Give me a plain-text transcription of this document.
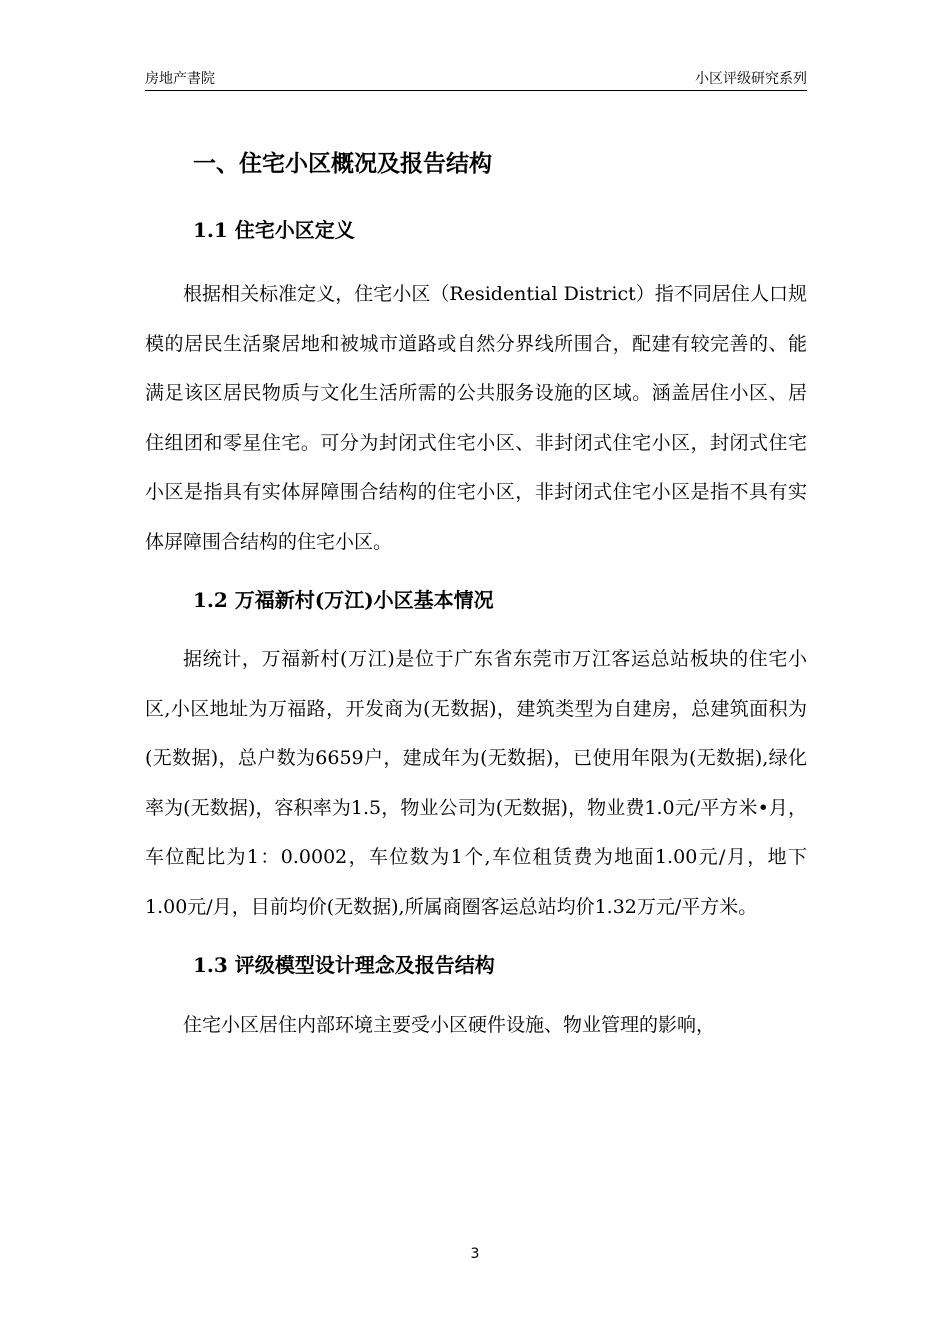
房地产書院	小区评级研究系列
一、住宅小区概况及报告结构
1.1 住宅小区定义

根据相关标准定义，住宅小区（Residential District）指不同居住人口规模的居民生活聚居地和被城市道路或自然分界线所围合，配建有较完善的、能满足该区居民物质与文化生活所需的公共服务设施的区域。涵盖居住小区、居住组团和零星住宅。可分为封闭式住宅小区、非封闭式住宅小区，封闭式住宅小区是指具有实体屏障围合结构的住宅小区，非封闭式住宅小区是指不具有实体屏障围合结构的住宅小区。

1.2 万福新村(万江)小区基本情况

据统计，万福新村(万江)是位于广东省东莞市万江客运总站板块的住宅小区,小区地址为万福路，开发商为(无数据)，建筑类型为自建房，总建筑面积为(无数据)，总户数为6659户，建成年为(无数据)，已使用年限为(无数据),绿化率为(无数据)，容积率为1.5，物业公司为(无数据)，物业费1.0元/平方米•月，车位配比为1：0.0002，车位数为1个,车位租赁费为地面1.00元/月，地下1.00元/月，目前均价(无数据),所属商圈客运总站均价1.32万元/平方米。

1.3 评级模型设计理念及报告结构

住宅小区居住内部环境主要受小区硬件设施、物业管理的影响，

3
